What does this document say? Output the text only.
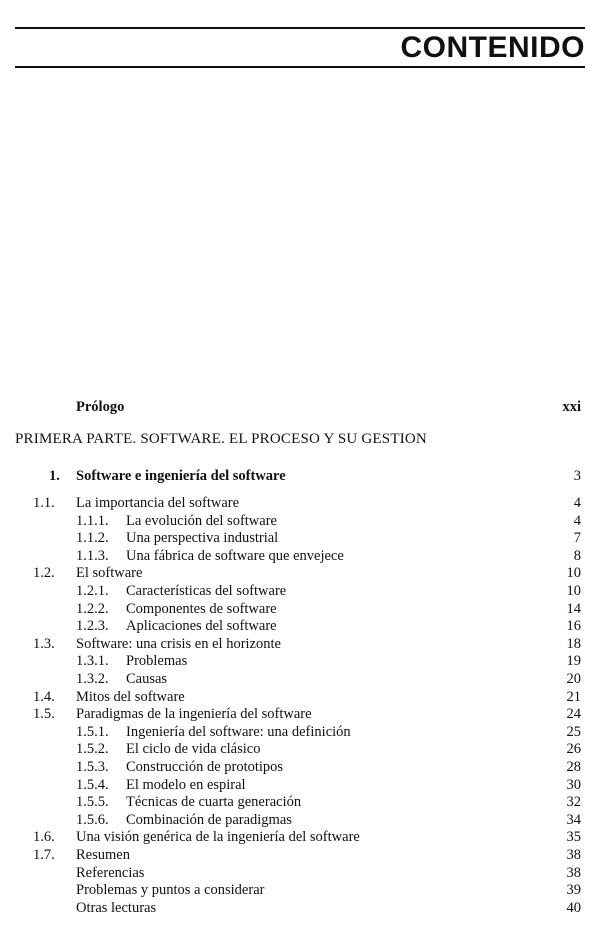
CONTENIDO
Prólogo	xxi
PRIMERA PARTE. SOFTWARE. EL PROCESO Y SU GESTION
1. Software e ingeniería del software	3
1.1. La importancia del software	4
1.1.1. La evolución del software	4
1.1.2. Una perspectiva industrial	7
1.1.3. Una fábrica de software que envejece	8
1.2. El software	10
1.2.1. Características del software	10
1.2.2. Componentes de software	14
1.2.3. Aplicaciones del software	16
1.3. Software: una crisis en el horizonte	18
1.3.1. Problemas	19
1.3.2. Causas	20
1.4. Mitos del software	21
1.5. Paradigmas de la ingeniería del software	24
1.5.1. Ingeniería del software: una definición	25
1.5.2. El ciclo de vida clásico	26
1.5.3. Construcción de prototipos	28
1.5.4. El modelo en espiral	30
1.5.5. Técnicas de cuarta generación	32
1.5.6. Combinación de paradigmas	34
1.6. Una visión genérica de la ingeniería del software	35
1.7. Resumen	38
Referencias	38
Problemas y puntos a considerar	39
Otras lecturas	40
